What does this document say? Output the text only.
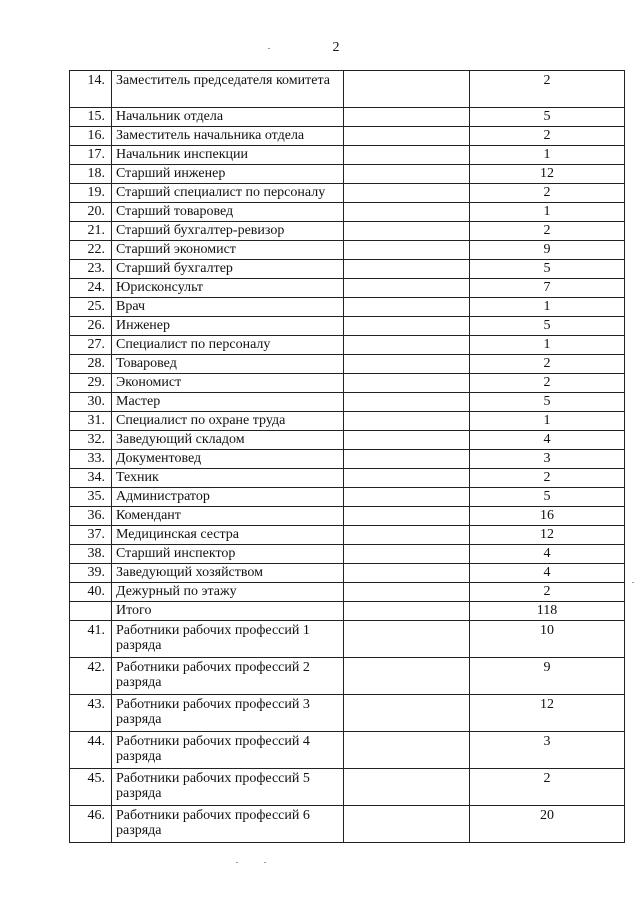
2
14.	Заместитель председателя комитета		2
15.	Начальник отдела		5
16.	Заместитель начальника отдела		2
17.	Начальник инспекции		1
18.	Старший инженер		12
19.	Старший специалист по персоналу		2
20.	Старший товаровед		1
21.	Старший бухгалтер-ревизор		2
22.	Старший экономист		9
23.	Старший бухгалтер		5
24.	Юрисконсульт		7
25.	Врач		1
26.	Инженер		5
27.	Специалист по персоналу		1
28.	Товаровед		2
29.	Экономист		2
30.	Мастер		5
31.	Специалист по охране труда		1
32.	Заведующий складом		4
33.	Документовед		3
34.	Техник		2
35.	Администратор		5
36.	Комендант		16
37.	Медицинская сестра		12
38.	Старший инспектор		4
39.	Заведующий хозяйством		4
40.	Дежурный по этажу		2
	Итого		118
41.	Работники рабочих профессий 1 разряда		10
42.	Работники рабочих профессий 2 разряда		9
43.	Работники рабочих профессий 3 разряда		12
44.	Работники рабочих профессий 4 разряда		3
45.	Работники рабочих профессий 5 разряда		2
46.	Работники рабочих профессий 6 разряда		20
